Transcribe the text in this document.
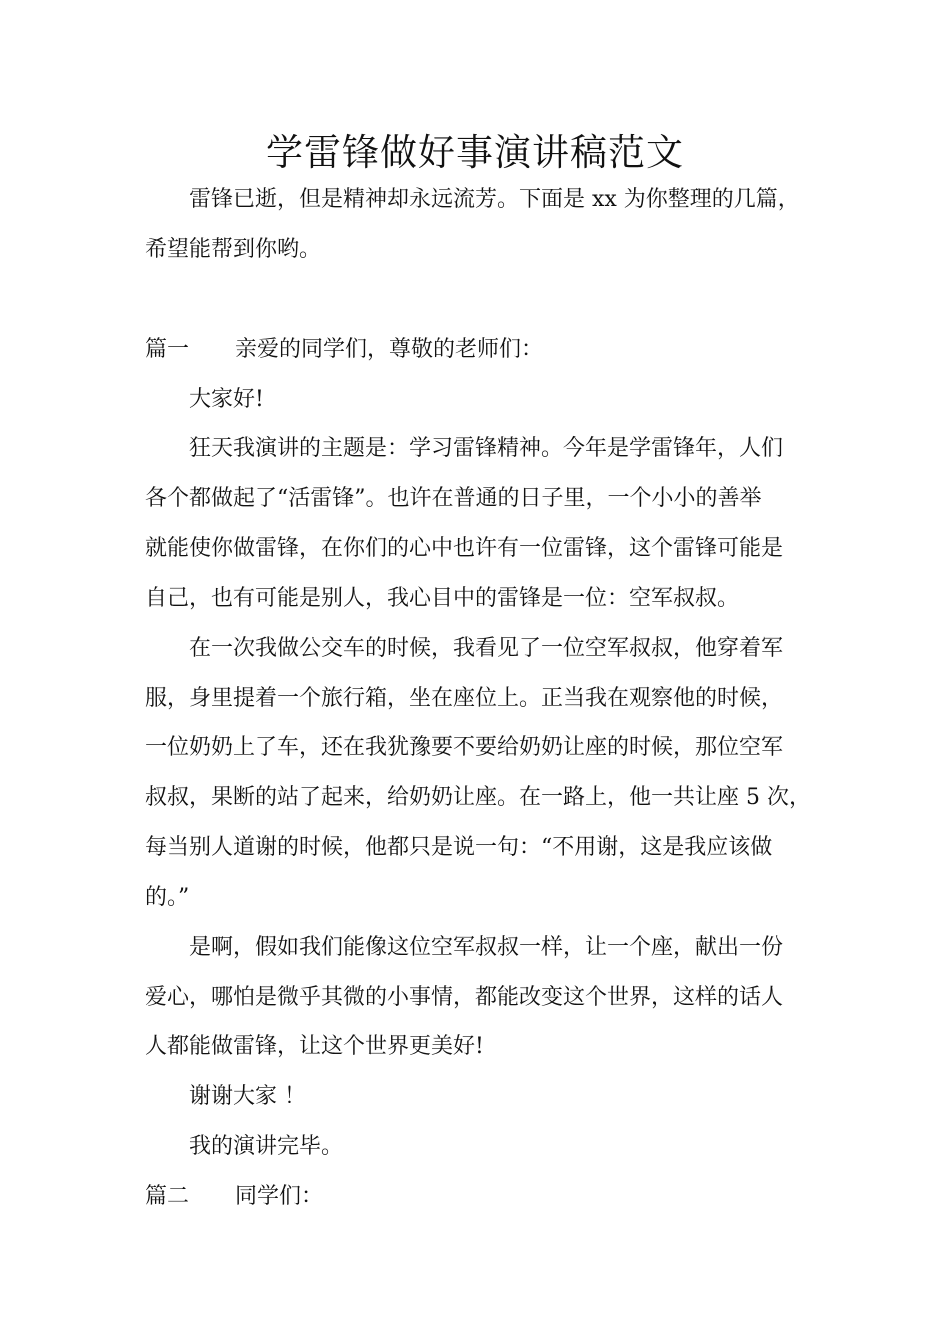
学雷锋做好事演讲稿范文

雷锋已逝，但是精神却永远流芳。下面是 xx 为你整理的几篇，

希望能帮到你哟。

篇一 亲爱的同学们，尊敬的老师们：

大家好!

狂天我演讲的主题是：学习雷锋精神。今年是学雷锋年，人们

各个都做起了“活雷锋”。也许在普通的日子里，一个小小的善举

就能使你做雷锋，在你们的心中也许有一位雷锋，这个雷锋可能是

自己，也有可能是别人，我心目中的雷锋是一位：空军叔叔。

在一次我做公交车的时候，我看见了一位空军叔叔，他穿着军

服，身里提着一个旅行箱，坐在座位上。正当我在观察他的时候，

一位奶奶上了车，还在我犹豫要不要给奶奶让座的时候，那位空军

叔叔，果断的站了起来，给奶奶让座。在一路上，他一共让座 5 次，

每当别人道谢的时候，他都只是说一句：“不用谢，这是我应该做

的。”

是啊，假如我们能像这位空军叔叔一样，让一个座，献出一份

爱心，哪怕是微乎其微的小事情，都能改变这个世界，这样的话人

人都能做雷锋，让这个世界更美好!

谢谢大家 ！

我的演讲完毕。

篇二 同学们：
